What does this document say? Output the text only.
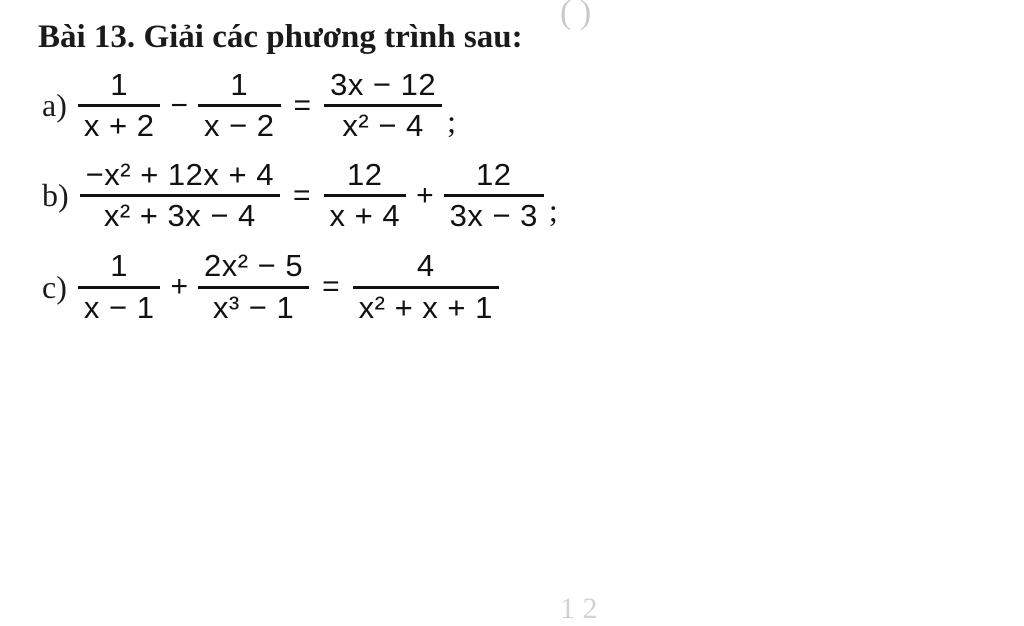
( )
Bài 13. Giải các phương trình sau:
$a) \frac{1}{x + 2} - \frac{1}{x - 2} = \frac{3x - 12}{\text{x² − 4}}$ ;
$b) \frac{\text{−x² + 12x + 4}}{\text{x² + 3x − 4}} = \frac{12}{x + 4} + \frac{12}{3x - 3}$ ;
$c) \frac{1}{x - 1} + \frac{\text{2x² − 5}}{\text{x³ − 1}} = \frac{4}{\text{x² + x + 1}}$
1 2
